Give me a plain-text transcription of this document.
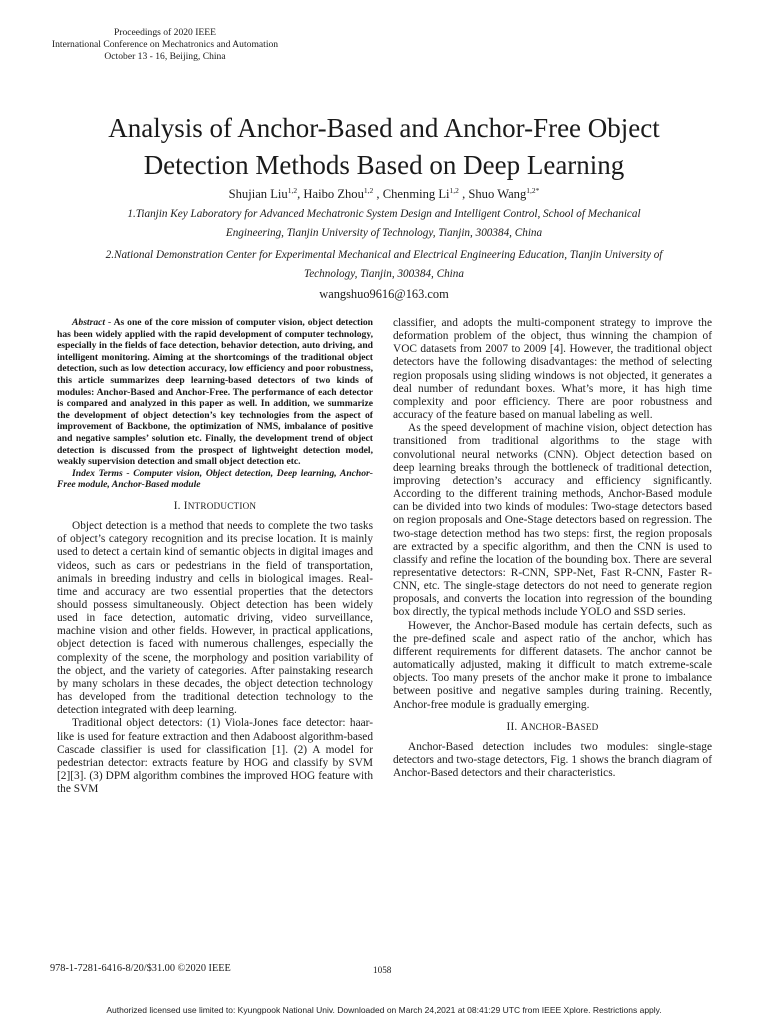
Proceedings of 2020 IEEE
International Conference on Mechatronics and Automation
October 13 - 16, Beijing, China
Analysis of Anchor-Based and Anchor-Free Object
Detection Methods Based on Deep Learning
Shujian Liu$^{1,2}$, Haibo Zhou$^{1,2}$ , Chenming Li$^{1,2}$ , Shuo Wang$^{1,2*}$
1.Tianjin Key Laboratory for Advanced Mechatronic System Design and Intelligent Control, School of Mechanical
Engineering, Tianjin University of Technology, Tianjin, 300384, China
2.National Demonstration Center for Experimental Mechanical and Electrical Engineering Education, Tianjin University of
Technology, Tianjin, 300384, China
wangshuo9616@163.com

Abstract - As one of the core mission of computer vision, object detection has been widely applied with the rapid development of computer technology, especially in the fields of face detection, behavior detection, auto driving, and intelligent monitoring. Aiming at the shortcomings of the traditional object detection, such as low detection accuracy, low efficiency and poor robustness, this article summarizes deep learning-based detectors of two kinds of modules: Anchor-Based and Anchor-Free. The performance of each detector is compared and analyzed in this paper as well. In addition, we summarize the development of object detection’s key technologies from the aspect of improvement of Backbone, the optimization of NMS, imbalance of positive and negative samples’ solution etc. Finally, the development trend of object detection is discussed from the prospect of lightweight detection model, weakly supervision detection and small object detection etc.

Index Terms - Computer vision, Object detection, Deep learning, Anchor-Free module, Anchor-Based module

I. INTRODUCTION

Object detection is a method that needs to complete the two tasks of object’s category recognition and its precise location. It is mainly used to detect a certain kind of semantic objects in digital images and videos, such as cars or pedestrians in the field of transportation, animals in breeding industry and cells in biological images. Real-time and accuracy are two essential properties that the detectors should possess simultaneously. Object detection has been widely used in face detection, automatic driving, video surveillance, machine vision and other fields. However, in practical applications, object detection is faced with numerous challenges, especially the complexity of the scene, the morphology and position variability of the object, and the variety of categories. After painstaking research by many scholars in these decades, the object detection technology has developed from the traditional detection technology to the detection integrated with deep learning.

Traditional object detectors: (1) Viola-Jones face detector: haar-like is used for feature extraction and then Adaboost algorithm-based Cascade classifier is used for classification [1]. (2) A model for pedestrian detector: extracts feature by HOG and classify by SVM [2][3]. (3) DPM algorithm combines the improved HOG feature with the SVM

classifier, and adopts the multi-component strategy to improve the deformation problem of the object, thus winning the champion of VOC datasets from 2007 to 2009 [4]. However, the traditional object detectors have the following disadvantages: the method of selecting region proposals using sliding windows is not objected, it generates a deal number of redundant boxes. What’s more, it has high time complexity and poor efficiency. There are poor robustness and accuracy of the feature based on manual labeling as well.

As the speed development of machine vision, object detection has transitioned from traditional algorithms to the stage with convolutional neural networks (CNN). Object detection based on deep learning breaks through the bottleneck of traditional detection, improving detection’s accuracy and efficiency significantly. According to the different training methods, Anchor-Based module can be divided into two kinds of modules: Two-stage detectors based on region proposals and One-Stage detectors based on regression. The two-stage detection method has two steps: first, the region proposals are extracted by a specific algorithm, and then the CNN is used to classify and refine the location of the bounding box. There are several representative detectors: R-CNN, SPP-Net, Fast R-CNN, Faster R-CNN, etc. The single-stage detectors do not need to generate region proposals, and converts the location into regression of the bounding box directly, the typical methods include YOLO and SSD series.

However, the Anchor-Based module has certain defects, such as the pre-defined scale and aspect ratio of the anchor, which has different requirements for different datasets. The anchor cannot be automatically adjusted, making it difficult to match extreme-scale objects. Too many presets of the anchor make it prone to imbalance between positive and negative samples during training. Recently, Anchor-free module is gradually emerging.

II. ANCHOR-BASED

Anchor-Based detection includes two modules: single-stage detectors and two-stage detectors, Fig. 1 shows the branch diagram of Anchor-Based detectors and their characteristics.

978-1-7281-6416-8/20/$31.00 ©2020 IEEE	1058
Authorized licensed use limited to: Kyungpook National Univ. Downloaded on March 24,2021 at 08:41:29 UTC from IEEE Xplore. Restrictions apply.
